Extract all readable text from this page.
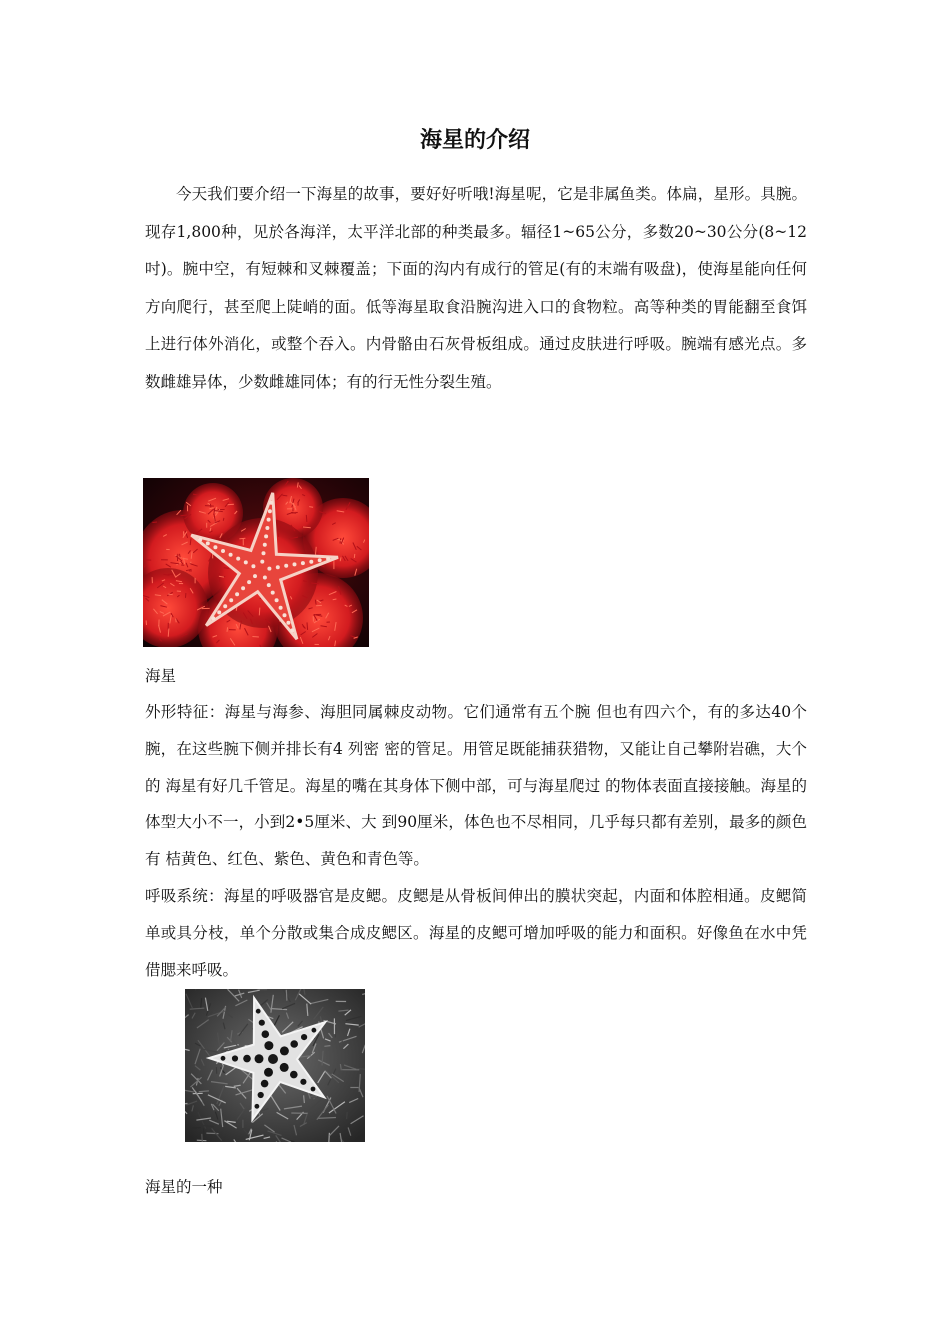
海星的介绍

今天我们要介绍一下海星的故事，要好好听哦!海星呢，它是非属鱼类。体扁，星形。具腕。现存1,800种，见於各海洋，太平洋北部的种类最多。辐径1~65公分，多数20~30公分(8~12吋)。腕中空，有短棘和叉棘覆盖；下面的沟内有成行的管足(有的末端有吸盘)，使海星能向任何方向爬行，甚至爬上陡峭的面。低等海星取食沿腕沟进入口的食物粒。高等种类的胃能翻至食饵上进行体外消化，或整个吞入。内骨骼由石灰骨板组成。通过皮肤进行呼吸。腕端有感光点。多数雌雄异体，少数雌雄同体；有的行无性分裂生殖。

海星

外形特征：海星与海参、海胆同属棘皮动物。它们通常有五个腕 但也有四六个，有的多达40个腕，在这些腕下侧并排长有4 列密 密的管足。用管足既能捕获猎物，又能让自己攀附岩礁，大个的 海星有好几千管足。海星的嘴在其身体下侧中部，可与海星爬过 的物体表面直接接触。海星的体型大小不一，小到2•5厘米、大 到90厘米，体色也不尽相同，几乎每只都有差别，最多的颜色有 桔黄色、红色、紫色、黄色和青色等。

呼吸系统：海星的呼吸器官是皮鳃。皮鳃是从骨板间伸出的膜状突起，内面和体腔相通。皮鳃简单或具分枝，单个分散或集合成皮鳃区。海星的皮鳃可增加呼吸的能力和面积。好像鱼在水中凭借腮来呼吸。

海星的一种
